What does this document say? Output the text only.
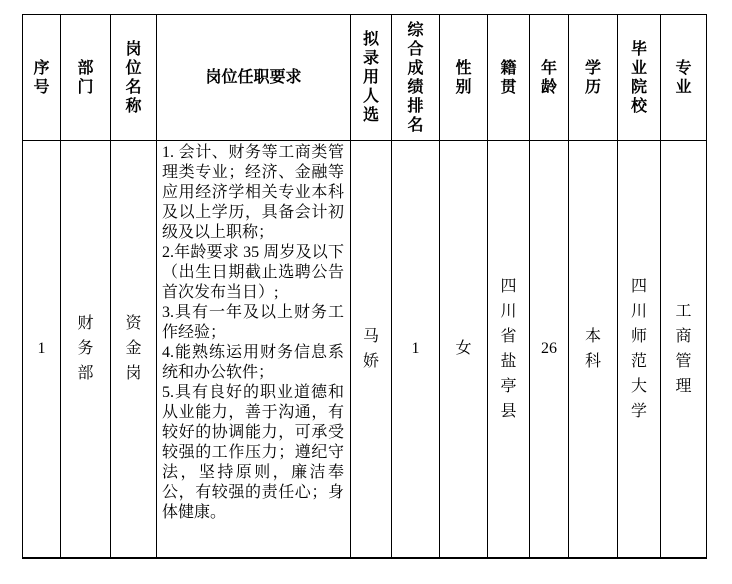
序号	部门	岗位名称	岗位任职要求	拟录用人选	综合成绩排名	性别	籍贯	年龄	学历	毕业院校	专业

1	财务部	资金岗	1. 会计、财务等工商类管理类专业；经济、金融等应用经济学相关专业本科及以上学历，具备会计初级及以上职称；

2.年龄要求 35 周岁及以下（出生日期截止选聘公告首次发布当日）;

3.具有一年及以上财务工作经验；

4.能熟练运用财务信息系统和办公软件；

5.具有良好的职业道德和从业能力，善于沟通，有较好的协调能力，可承受较强的工作压力；遵纪守法，坚持原则，廉洁奉公，有较强的责任心；身体健康。	马娇	1	女	四川省盐亭县	26	本科	四川师范大学	工商管理
